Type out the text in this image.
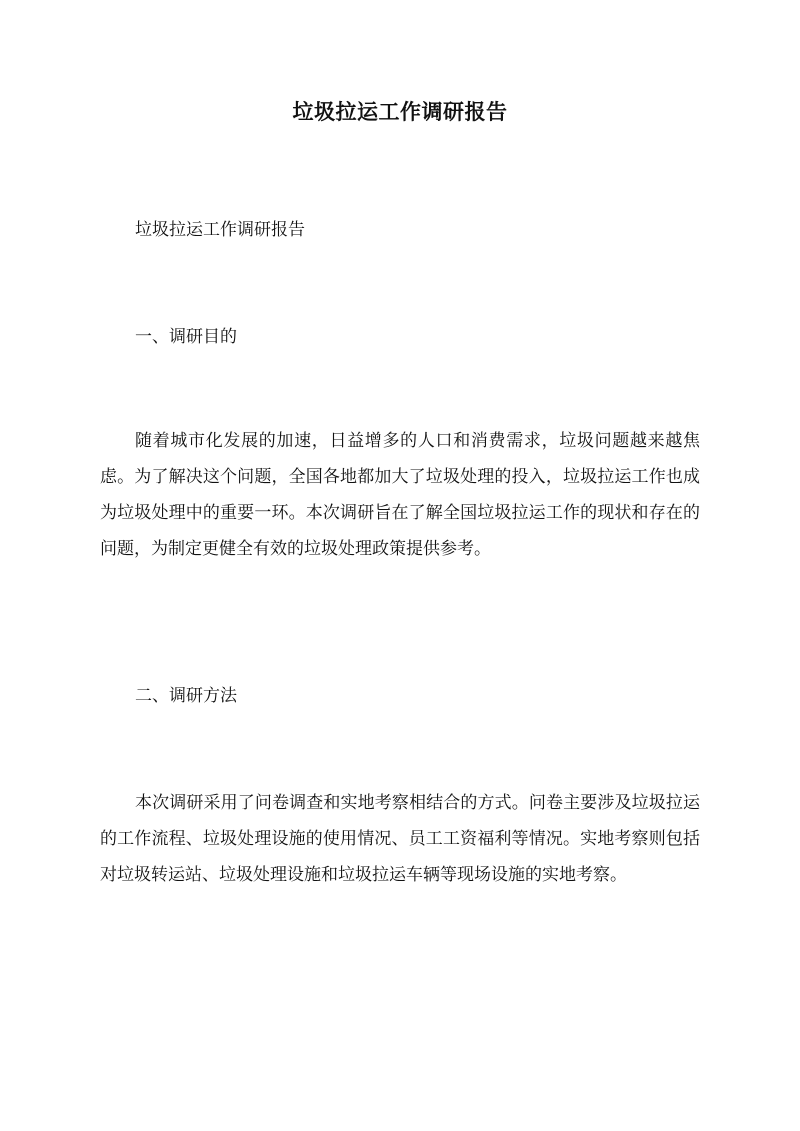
垃圾拉运工作调研报告
垃圾拉运工作调研报告
一、调研目的
随着城市化发展的加速，日益增多的人口和消费需求，垃圾问题越来越焦虑。为了解决这个问题，全国各地都加大了垃圾处理的投入，垃圾拉运工作也成为垃圾处理中的重要一环。本次调研旨在了解全国垃圾拉运工作的现状和存在的问题，为制定更健全有效的垃圾处理政策提供参考。
二、调研方法
本次调研采用了问卷调查和实地考察相结合的方式。问卷主要涉及垃圾拉运的工作流程、垃圾处理设施的使用情况、员工工资福利等情况。实地考察则包括对垃圾转运站、垃圾处理设施和垃圾拉运车辆等现场设施的实地考察。
